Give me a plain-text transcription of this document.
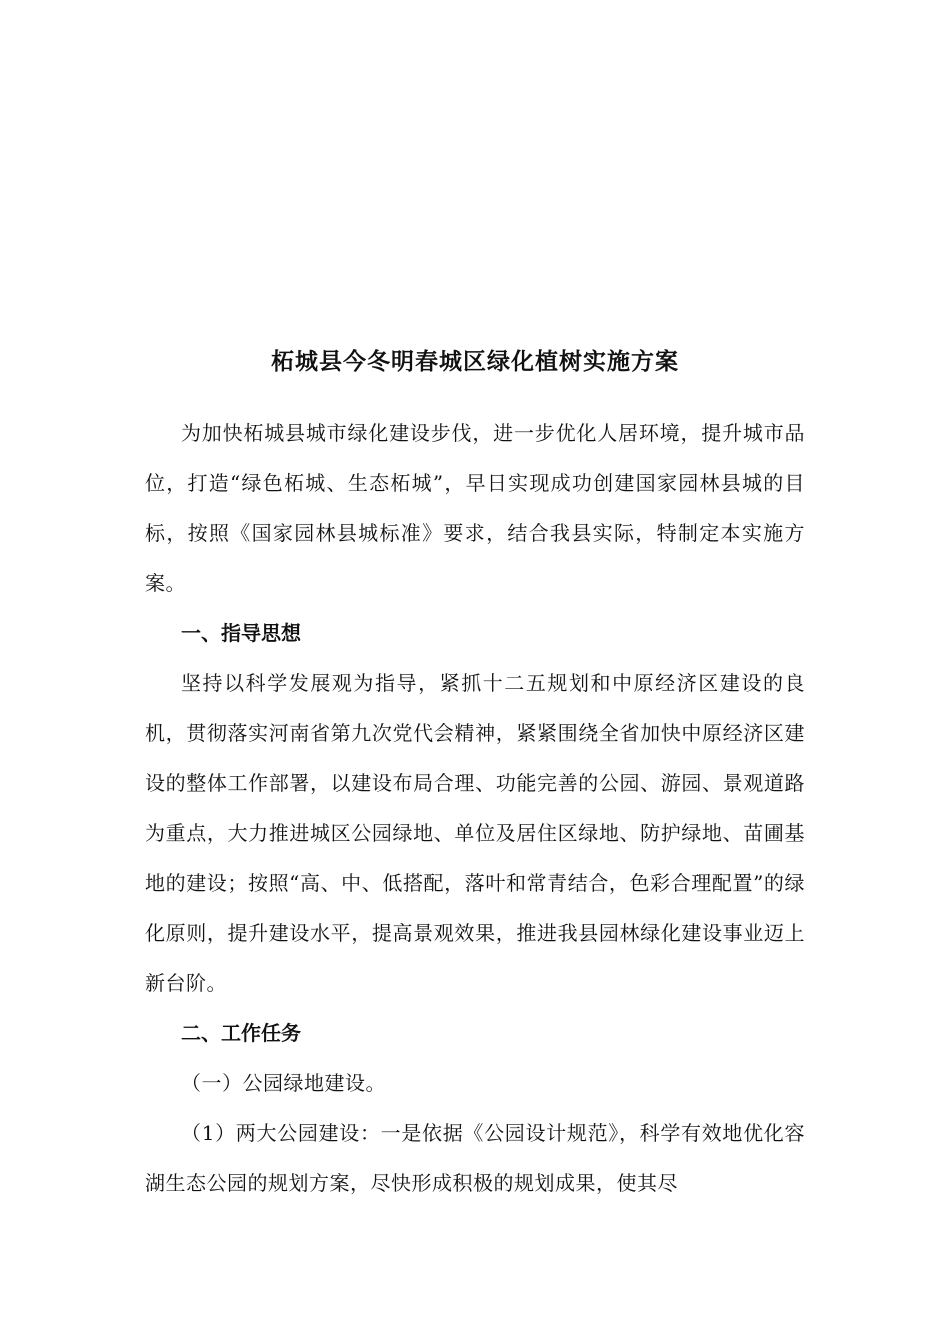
柘城县今冬明春城区绿化植树实施方案

为加快柘城县城市绿化建设步伐，进一步优化人居环境，提升城市品位，打造“绿色柘城、生态柘城”，早日实现成功创建国家园林县城的目标，按照《国家园林县城标准》要求，结合我县实际，特制定本实施方案。

一、指导思想

坚持以科学发展观为指导，紧抓十二五规划和中原经济区建设的良机，贯彻落实河南省第九次党代会精神，紧紧围绕全省加快中原经济区建设的整体工作部署，以建设布局合理、功能完善的公园、游园、景观道路为重点，大力推进城区公园绿地、单位及居住区绿地、防护绿地、苗圃基地的建设；按照“高、中、低搭配，落叶和常青结合，色彩合理配置”的绿化原则，提升建设水平，提高景观效果，推进我县园林绿化建设事业迈上新台阶。

二、工作任务

（一）公园绿地建设。

（1）两大公园建设：一是依据《公园设计规范》，科学有效地优化容湖生态公园的规划方案，尽快形成积极的规划成果，使其尽
